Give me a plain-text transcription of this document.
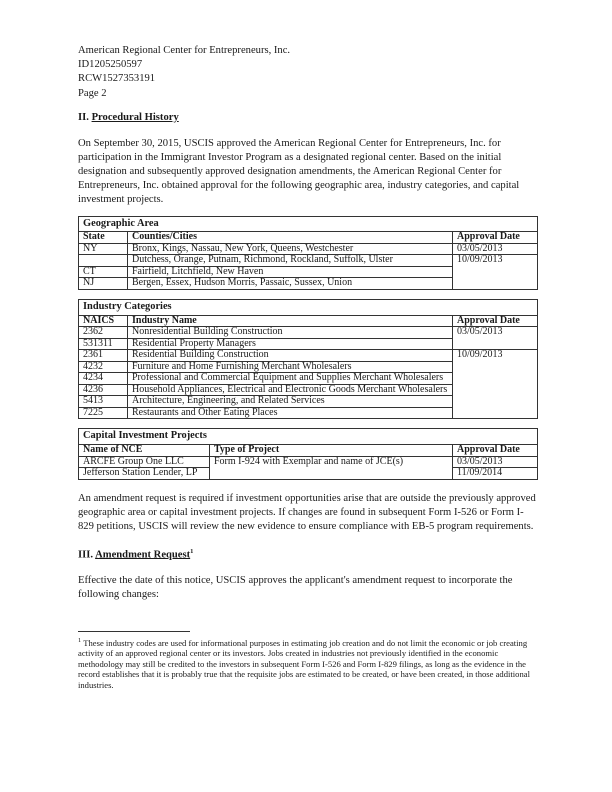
American Regional Center for Entrepreneurs, Inc.
ID1205250597
RCW1527353191
Page 2
II. Procedural History

On September 30, 2015, USCIS approved the American Regional Center for Entrepreneurs, Inc. for participation in the Immigrant Investor Program as a designated regional center. Based on the initial designation and subsequently approved designation amendments, the American Regional Center for Entrepreneurs, Inc. obtained approval for the following geographic area, industry categories, and capital investment projects.

Geographic Area		
State	Counties/Cities	Approval Date
NY	Bronx, Kings, Nassau, New York, Queens, Westchester	03/05/2013
	Dutchess, Orange, Putnam, Richmond, Rockland, Suffolk, Ulster	10/09/2013
CT	Fairfield, Litchfield, New Haven	
NJ	Bergen, Essex, Hudson Morris, Passaic, Sussex, Union	
Industry Categories		
NAICS	Industry Name	Approval Date
2362	Nonresidential Building Construction	03/05/2013
531311	Residential Property Managers	
2361	Residential Building Construction	10/09/2013
4232	Furniture and Home Furnishing Merchant Wholesalers	
4234	Professional and Commercial Equipment and Supplies Merchant Wholesalers	
4236	Household Appliances, Electrical and Electronic Goods Merchant Wholesalers	
5413	Architecture, Engineering, and Related Services	
7225	Restaurants and Other Eating Places	
Capital Investment Projects		
Name of NCE	Type of Project	Approval Date
ARCFE Group One LLC	Form I-924 with Exemplar and name of JCE(s)	03/05/2013
Jefferson Station Lender, LP		11/09/2014

An amendment request is required if investment opportunities arise that are outside the previously approved geographic area or capital investment projects. If changes are found in subsequent Form I-526 or Form I-829 petitions, USCIS will review the new evidence to ensure compliance with EB-5 program requirements.

III. Amendment Request$^1$

Effective the date of this notice, USCIS approves the applicant's amendment request to incorporate the following changes:

$^1$ These industry codes are used for informational purposes in estimating job creation and do not limit the economic or job creating activity of an approved regional center or its investors. Jobs created in industries not previously identified in the economic methodology may still be credited to the investors in subsequent Form I-526 and Form I-829 filings, as long as the evidence in the record establishes that it is probably true that the requisite jobs are estimated to be created, or have been created, in those additional industries.
